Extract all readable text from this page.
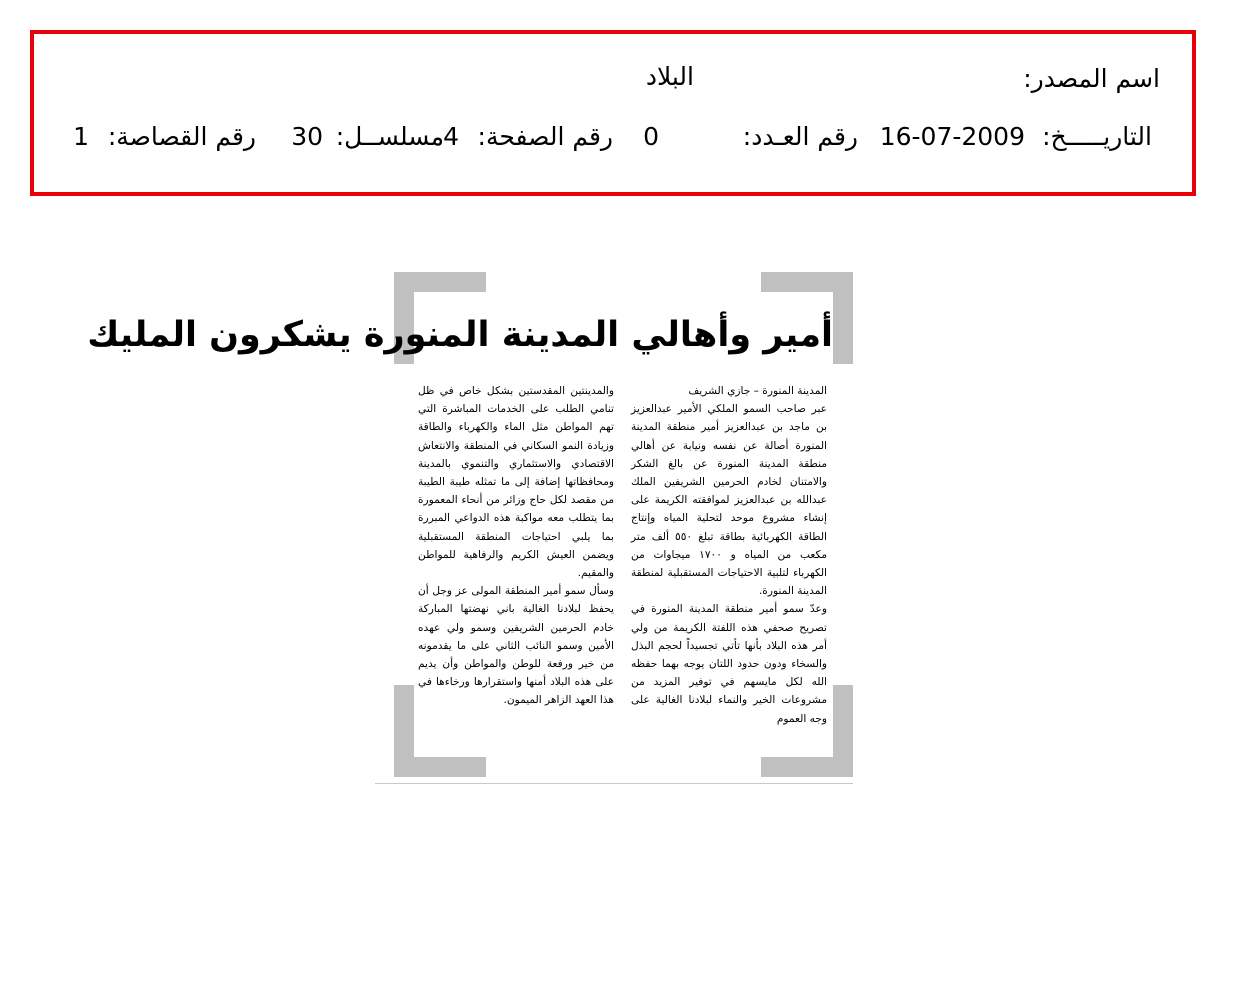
اسم المصدر:
البلاد
التاريـــــخ:
16-07-2009
رقم العـدد:
0
رقم الصفحة:
4
مسلســل:
30
رقم القصاصة:
1
أمير وأهالي المدينة المنورة يشكرون المليك

المدينة المنورة – جازي الشريف

عبر صاحب السمو الملكي الأمير عبدالعزيز بن ماجد بن عبدالعزيز أمير منطقة المدينة المنورة أصالة عن نفسه ونيابة عن أهالي منطقة المدينة المنورة عن بالغ الشكر والامتنان لخادم الحرمين الشريفين الملك عبدالله بن عبدالعزيز لموافقته الكريمة على إنشاء مشروع موحد لتحلية المياه وإنتاج الطاقة الكهربائية بطاقة تبلغ ٥٥٠ ألف متر مكعب من المياه و ١٧٠٠ ميجاوات من الكهرباء لتلبية الاحتياجات المستقبلية لمنطقة المدينة المنورة.

وعدّ سمو أمير منطقة المدينة المنورة في تصريح صحفي هذه اللفتة الكريمة من ولي أمر هذه البلاد بأنها تأتي تجسيداً لحجم البذل والسخاء ودون حدود اللتان يوجه بهما حفظه الله لكل مايسهم في توفير المزيد من مشروعات الخير والنماء لبلادنا الغالية على وجه العموم

والمدينتين المقدستين بشكل خاص في ظل تنامي الطلب على الخدمات المباشرة التي تهم المواطن مثل الماء والكهرباء والطاقة وزيادة النمو السكاني في المنطقة والانتعاش الاقتصادي والاستثماري والتنموي بالمدينة ومحافظاتها إضافة إلى ما تمثله طيبة الطيبة من مقصد لكل حاج وزائر من أنحاء المعمورة بما يتطلب معه مواكبة هذه الدواعي المبررة بما يلبي احتياجات المنطقة المستقبلية ويضمن العيش الكريم والرفاهية للمواطن والمقيم.

وسأل سمو أمير المنطقة المولى عز وجل أن يحفظ لبلادنا الغالية باني نهضتها المباركة خادم الحرمين الشريفين وسمو ولي عهده الأمين وسمو النائب الثاني على ما يقدمونه من خير ورفعة للوطن والمواطن وأن يديم على هذه البلاد أمنها واستقرارها ورخاءها في هذا العهد الزاهر الميمون.
